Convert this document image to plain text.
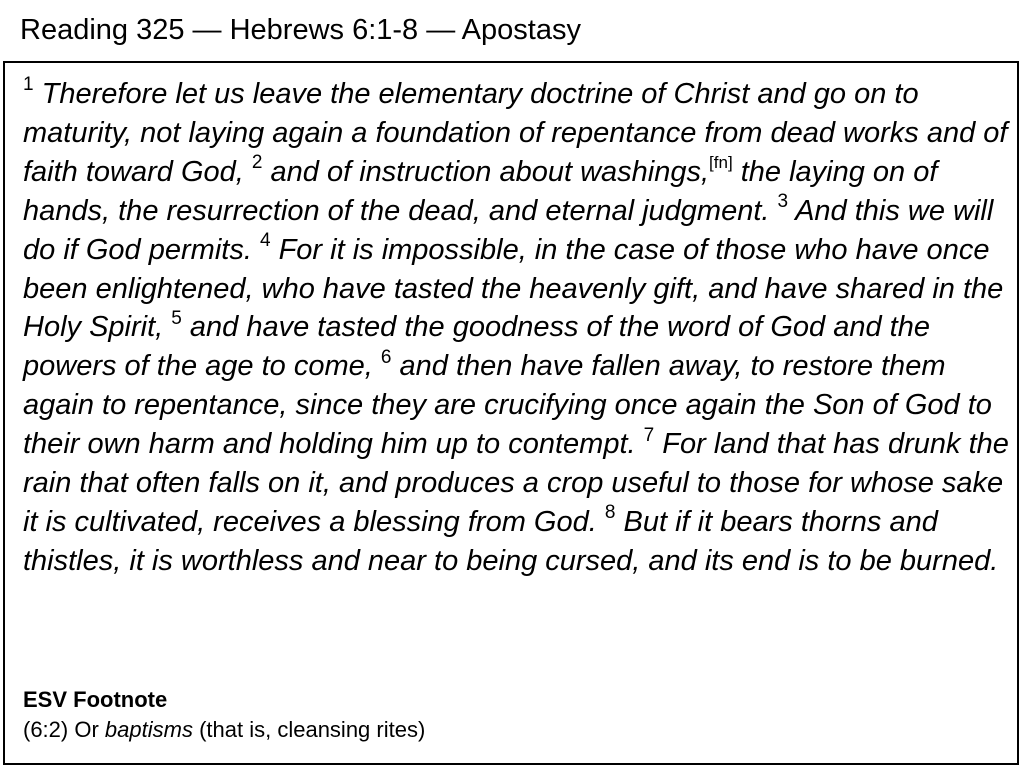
Reading 325 — Hebrews 6:1-8 — Apostasy
$^1$ Therefore let us leave the elementary doctrine of Christ and go on to maturity, not laying again a foundation of repentance from dead works and of faith toward God, $^2$ and of instruction about washings,[fn] the laying on of hands, the resurrection of the dead, and eternal judgment. $^3$ And this we will do if God permits. $^4$ For it is impossible, in the case of those who have once been enlightened, who have tasted the heavenly gift, and have shared in the Holy Spirit, $^5$ and have tasted the goodness of the word of God and the powers of the age to come, $^6$ and then have fallen away, to restore them again to repentance, since they are crucifying once again the Son of God to their own harm and holding him up to contempt. $^7$ For land that has drunk the rain that often falls on it, and produces a crop useful to those for whose sake it is cultivated, receives a blessing from God. $^8$ But if it bears thorns and thistles, it is worthless and near to being cursed, and its end is to be burned.
ESV Footnote
(6:2) Or baptisms (that is, cleansing rites)
